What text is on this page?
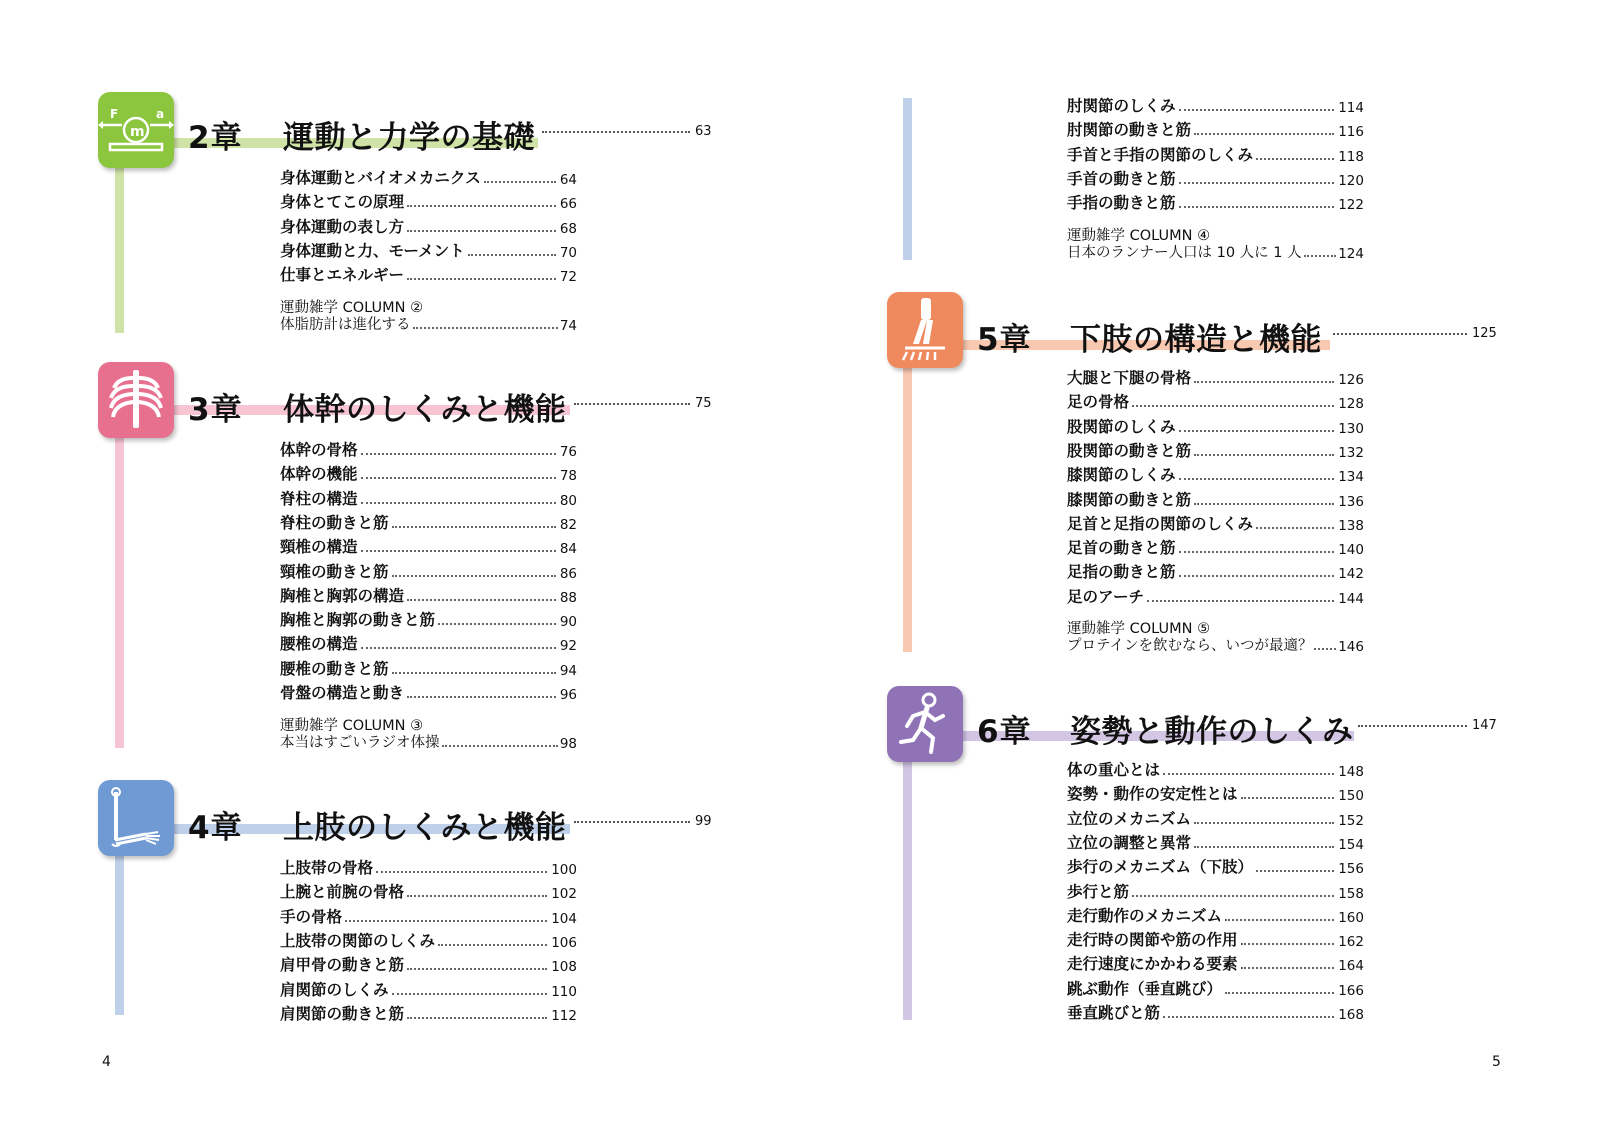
F
m
a
2章 運動と力学の基礎	63
身体運動とバイオメカニクス	64
身体とてこの原理	66
身体運動の表し方	68
身体運動と力、モーメント	70
仕事とエネルギー	72
運動雑学 COLUMN ②
体脂肪計は進化する	74
3章 体幹のしくみと機能	75
体幹の骨格	76
体幹の機能	78
脊柱の構造	80
脊柱の動きと筋	82
頸椎の構造	84
頸椎の動きと筋	86
胸椎と胸郭の構造	88
胸椎と胸郭の動きと筋	90
腰椎の構造	92
腰椎の動きと筋	94
骨盤の構造と動き	96
運動雑学 COLUMN ③
本当はすごいラジオ体操	98
4章 上肢のしくみと機能	99
上肢帯の骨格	100
上腕と前腕の骨格	102
手の骨格	104
上肢帯の関節のしくみ	106
肩甲骨の動きと筋	108
肩関節のしくみ	110
肩関節の動きと筋	112
肘関節のしくみ	114
肘関節の動きと筋	116
手首と手指の関節のしくみ	118
手首の動きと筋	120
手指の動きと筋	122
運動雑学 COLUMN ④
日本のランナー人口は 10 人に 1 人	124
5章 下肢の構造と機能	125
大腿と下腿の骨格	126
足の骨格	128
股関節のしくみ	130
股関節の動きと筋	132
膝関節のしくみ	134
膝関節の動きと筋	136
足首と足指の関節のしくみ	138
足首の動きと筋	140
足指の動きと筋	142
足のアーチ	144
運動雑学 COLUMN ⑤
プロテインを飲むなら、いつが最適？ 146
6章 姿勢と動作のしくみ	147
体の重心とは	148
姿勢・動作の安定性とは	150
立位のメカニズム	152
立位の調整と異常	154
歩行のメカニズム（下肢）	156
歩行と筋	158
走行動作のメカニズム	160
走行時の関節や筋の作用	162
走行速度にかかわる要素	164
跳ぶ動作（垂直跳び）	166
垂直跳びと筋	168
4	5
